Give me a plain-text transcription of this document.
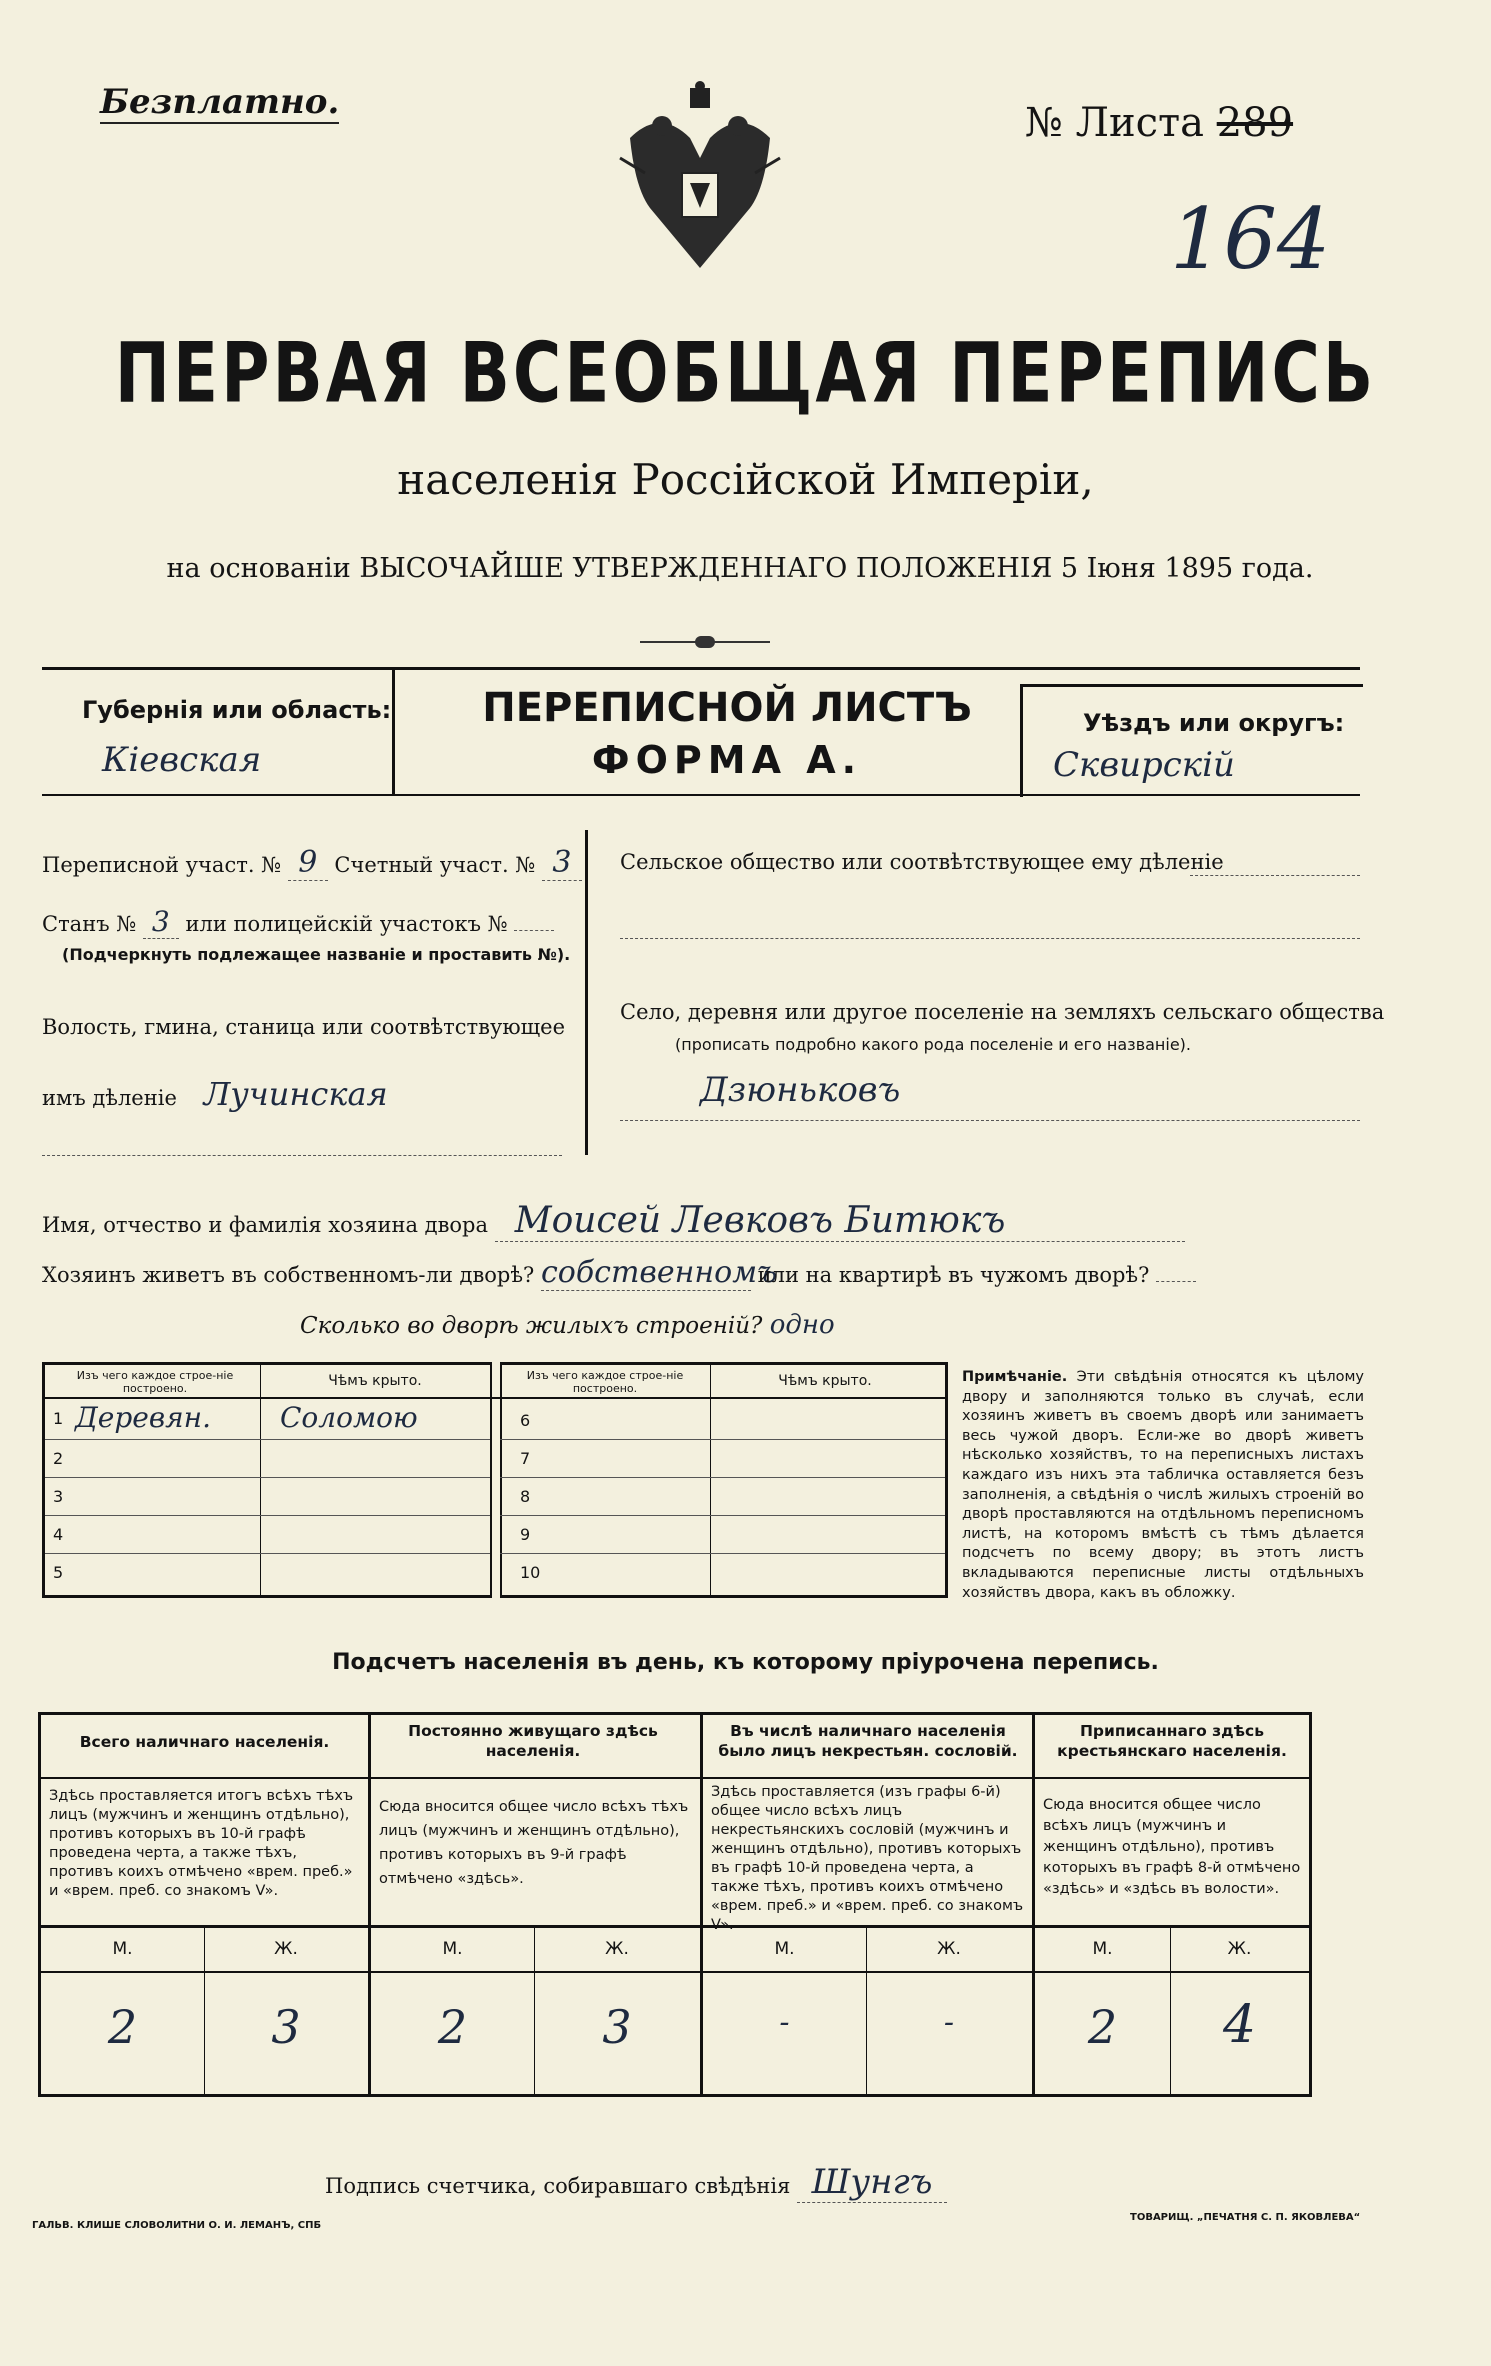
Безплатно.	№ Листа 289
164
ПЕРВАЯ ВСЕОБЩАЯ ПЕРЕПИСЬ
населенія Россійской Имперіи,
на основаніи ВЫСОЧАЙШЕ УТВЕРЖДЕННАГО ПОЛОЖЕНІЯ 5 Іюня 1895 года.
Губернія или область:
Кіевская
ПЕРЕПИСНОЙ ЛИСТЪ
ФОРМА А.
Уѣздъ или округъ:
Сквирскій
Переписной участ. № 9 Счетный участ. № 3
Станъ № 3 или полицейскій участокъ №
(Подчеркнуть подлежащее названіе и проставить №).
Волость, гмина, станица или соотвѣтствующее
имъ дѣленіе Лучинская
Сельское общество или соотвѣтствующее ему дѣленіе
Село, деревня или другое поселеніе на земляхъ сельскаго общества
(прописать подробно какого рода поселеніе и его названіе).
Дзюньковъ
Имя, отчество и фамилія хозяина двора Моисей Левковъ Битюкъ
Хозяинъ живетъ въ собственномъ-ли дворѣ? собственномъ или на квартирѣ въ чужомъ дворѣ?
Сколько во дворѣ жилыхъ строеній? одно
Изъ чего каждое строе-ніе построено.	Чѣмъ крыто.	Изъ чего каждое строе-ніе построено.	Чѣмъ крыто.
1 Деревян. Соломою
2
3
4
5
6
7
8
9
10
Примѣчаніе. Эти свѣдѣнія относятся къ цѣлому двору и заполняются только въ случаѣ, если хозяинъ живетъ въ своемъ дворѣ или занимаетъ весь чужой дворъ. Если-же во дворѣ живетъ нѣсколько хозяйствъ, то на переписныхъ листахъ каждаго изъ нихъ эта табличка оставляется безъ заполненія, а свѣдѣнія о числѣ жилыхъ строеній во дворѣ проставляются на отдѣльномъ переписномъ листѣ, на которомъ вмѣстѣ съ тѣмъ дѣлается подсчетъ по всему двору; въ этотъ листъ вкладываются переписные листы отдѣльныхъ хозяйствъ двора, какъ въ обложку.
Подсчетъ населенія въ день, къ которому пріурочена перепись.
Всего наличнаго населенія.
Здѣсь проставляется итогъ всѣхъ тѣхъ лицъ (мужчинъ и женщинъ отдѣльно), противъ которыхъ въ 10-й графѣ проведена черта, а также тѣхъ, противъ коихъ отмѣчено «врем. преб.» и «врем. преб. со знакомъ V».
М.	Ж.
2	3
Постоянно живущаго здѣсь населенія.
Сюда вносится общее число всѣхъ тѣхъ лицъ (мужчинъ и женщинъ отдѣльно), противъ которыхъ въ 9-й графѣ отмѣчено «здѣсь».
М.	Ж.
2	3
Въ числѣ наличнаго населенія было лицъ некрестьян. сословій.
Здѣсь проставляется (изъ графы 6-й) общее число всѣхъ лицъ некрестьянскихъ сословій (мужчинъ и женщинъ отдѣльно), противъ которыхъ въ графѣ 10-й проведена черта, а также тѣхъ, противъ коихъ отмѣчено «врем. преб.» и «врем. преб. со знакомъ V».
М.	Ж.
-	-
Приписаннаго здѣсь крестьянскаго населенія.
Сюда вносится общее число всѣхъ лицъ (мужчинъ и женщинъ отдѣльно), противъ которыхъ въ графѣ 8-й отмѣчено «здѣсь» и «здѣсь въ волости».
М.	Ж.
2	4
Подпись счетчика, собиравшаго свѣдѣнія Шунгъ
ГАЛЬВ. КЛИШЕ СЛОВОЛИТНИ О. И. ЛЕМАНЪ, СПБ
ТОВАРИЩ. „ПЕЧАТНЯ С. П. ЯКОВЛЕВА“
